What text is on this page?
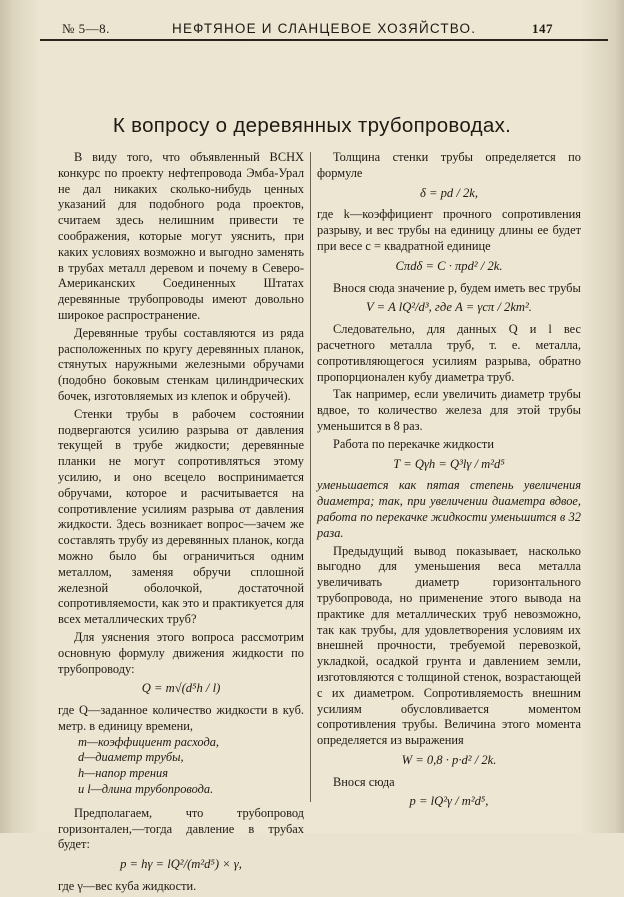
№ 5—8.	НЕФТЯНОЕ И СЛАНЦЕВОЕ ХОЗЯЙСТВО.	147
К вопросу о деревянных трубопроводах.

В виду того, что объявленный ВСНХ конкурс по проекту нефтепровода Эмба-Урал не дал никаких сколько-нибудь ценных указаний для подобного рода проектов, считаем здесь нелишним привести те соображения, которые могут уяснить, при каких условиях возможно и выгодно заменять в трубах металл деревом и почему в Северо-Американских Соединенных Штатах деревянные трубопроводы имеют довольно широкое распространение.

Деревянные трубы составляются из ряда расположенных по кругу деревянных планок, стянутых наружными железными обручами (подобно боковым стенкам цилиндрических бочек, изготовляемых из клепок и обручей).

Стенки трубы в рабочем состоянии подвергаются усилию разрыва от давления текущей в трубе жидкости; деревянные планки не могут сопротивляться этому усилию, и оно всецело воспринимается обручами, которое и расчитывается на сопротивление усилиям разрыва от давления жидкости. Здесь возникает вопрос—зачем же составлять трубу из деревянных планок, когда можно было бы ограничиться одним металлом, заменяя обручи сплошной железной оболочкой, достаточной сопротивляемости, как это и практикуется для всех металлических труб?

Для уяснения этого вопроса рассмотрим основную формулу движения жидкости по трубопроводу:

Q = m√(d⁵h / l)
где Q—заданное количество жидкости в куб. метр. в единицу времени,
m—коэффициент расхода,
d—диаметр трубы,
h—напор трения
и l—длина трубопровода.

Предполагаем, что трубопровод горизонтален,—тогда давление в трубах будет:

p = hγ = lQ²/(m²d⁵) × γ,

где γ—вес куба жидкости.

Толщина стенки трубы определяется по формуле

δ = pd / 2k,

где k—коэффициент прочного сопротивления разрыву, и вес трубы на единицу длины ее будет при весе c = квадратной единице

Cπdδ = C · πpd² / 2k.

Внося сюда значение p, будем иметь вес трубы

V = A lQ²/d³, где A = γcπ / 2km².

Следовательно, для данных Q и l вес расчетного металла труб, т. е. металла, сопротивляющегося усилиям разрыва, обратно пропорционален кубу диаметра труб.

Так например, если увеличить диаметр трубы вдвое, то количество железа для этой трубы уменьшится в 8 раз.

Работа по перекачке жидкости

T = Qγh = Q³lγ / m²d⁵

уменьшается как пятая степень увеличения диаметра; так, при увеличении диаметра вдвое, работа по перекачке жидкости уменьшится в 32 раза.

Предыдущий вывод показывает, насколько выгодно для уменьшения веса металла увеличивать диаметр горизонтального трубопровода, но применение этого вывода на практике для металлических труб невозможно, так как трубы, для удовлетворения условиям их внешней прочности, требуемой перевозкой, укладкой, осадкой грунта и давлением земли, изготовляются с толщиной стенок, возрастающей с их диаметром. Сопротивляемость внешним усилиям обусловливается моментом сопротивления трубы. Величина этого момента определяется из выражения

W = 0,8 · p·d² / 2k.

Внося сюда

p = lQ²γ / m²d⁵,
